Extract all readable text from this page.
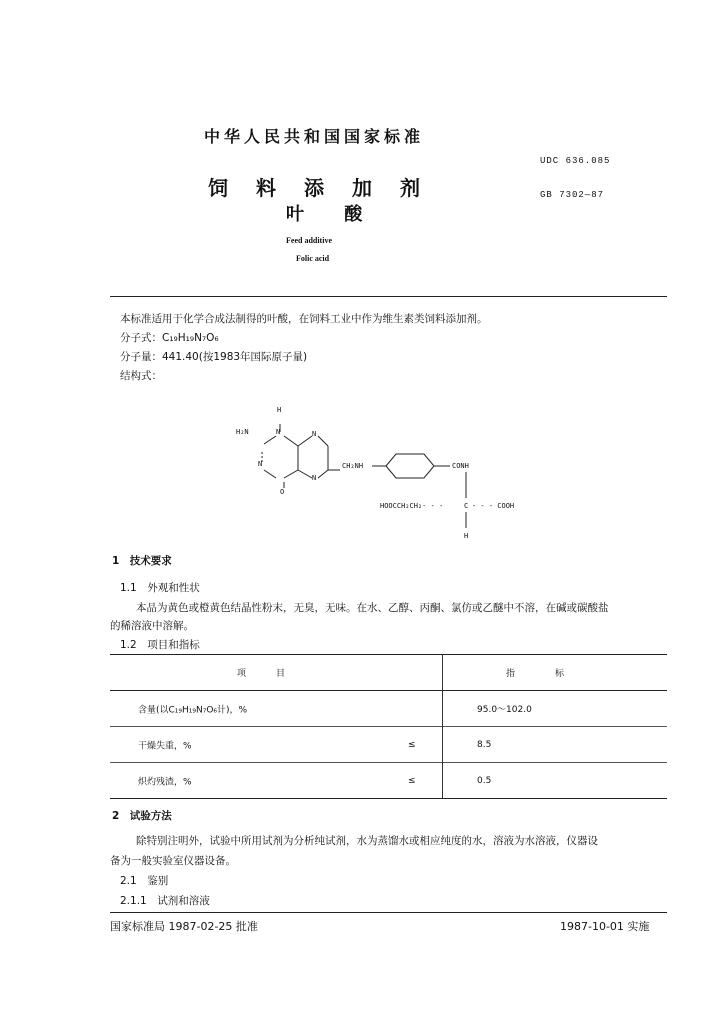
中华人民共和国国家标准
饲	料	添	加	剂
叶 酸
Feed additive
Folic acid
UDC 636.085
GB 7302—87
本标准适用于化学合成法制得的叶酸，在饲料工业中作为维生素类饲料添加剂。
分子式：C₁₉H₁₉N₇O₆
分子量：441.40(按1983年国际原子量)
结构式：
H
N
H₂N
N
O
N
N
CH₂NH	CONH
HOOCCH₂CH₂- - -	C - - - COOH
H
1　技术要求
1.1　外观和性状
本品为黄色或橙黄色结晶性粉末，无臭，无味。在水、乙醇、丙酮、氯仿或乙醚中不溶，在碱或碳酸盐
的稀溶液中溶解。
1.2　项目和指标
项目	指标

含量(以C₁₉H₁₉N₇O₆计)，%	95.0～102.0

干燥失重，% ≤	8.5

炽灼残渣，% ≤	0.5
2　试验方法
除特别注明外，试验中所用试剂为分析纯试剂，水为蒸馏水或相应纯度的水，溶液为水溶液，仪器设
备为一般实验室仪器设备。
2.1　鉴别
2.1.1　试剂和溶液
国家标准局 1987-02-25 批准	1987-10-01 实施
